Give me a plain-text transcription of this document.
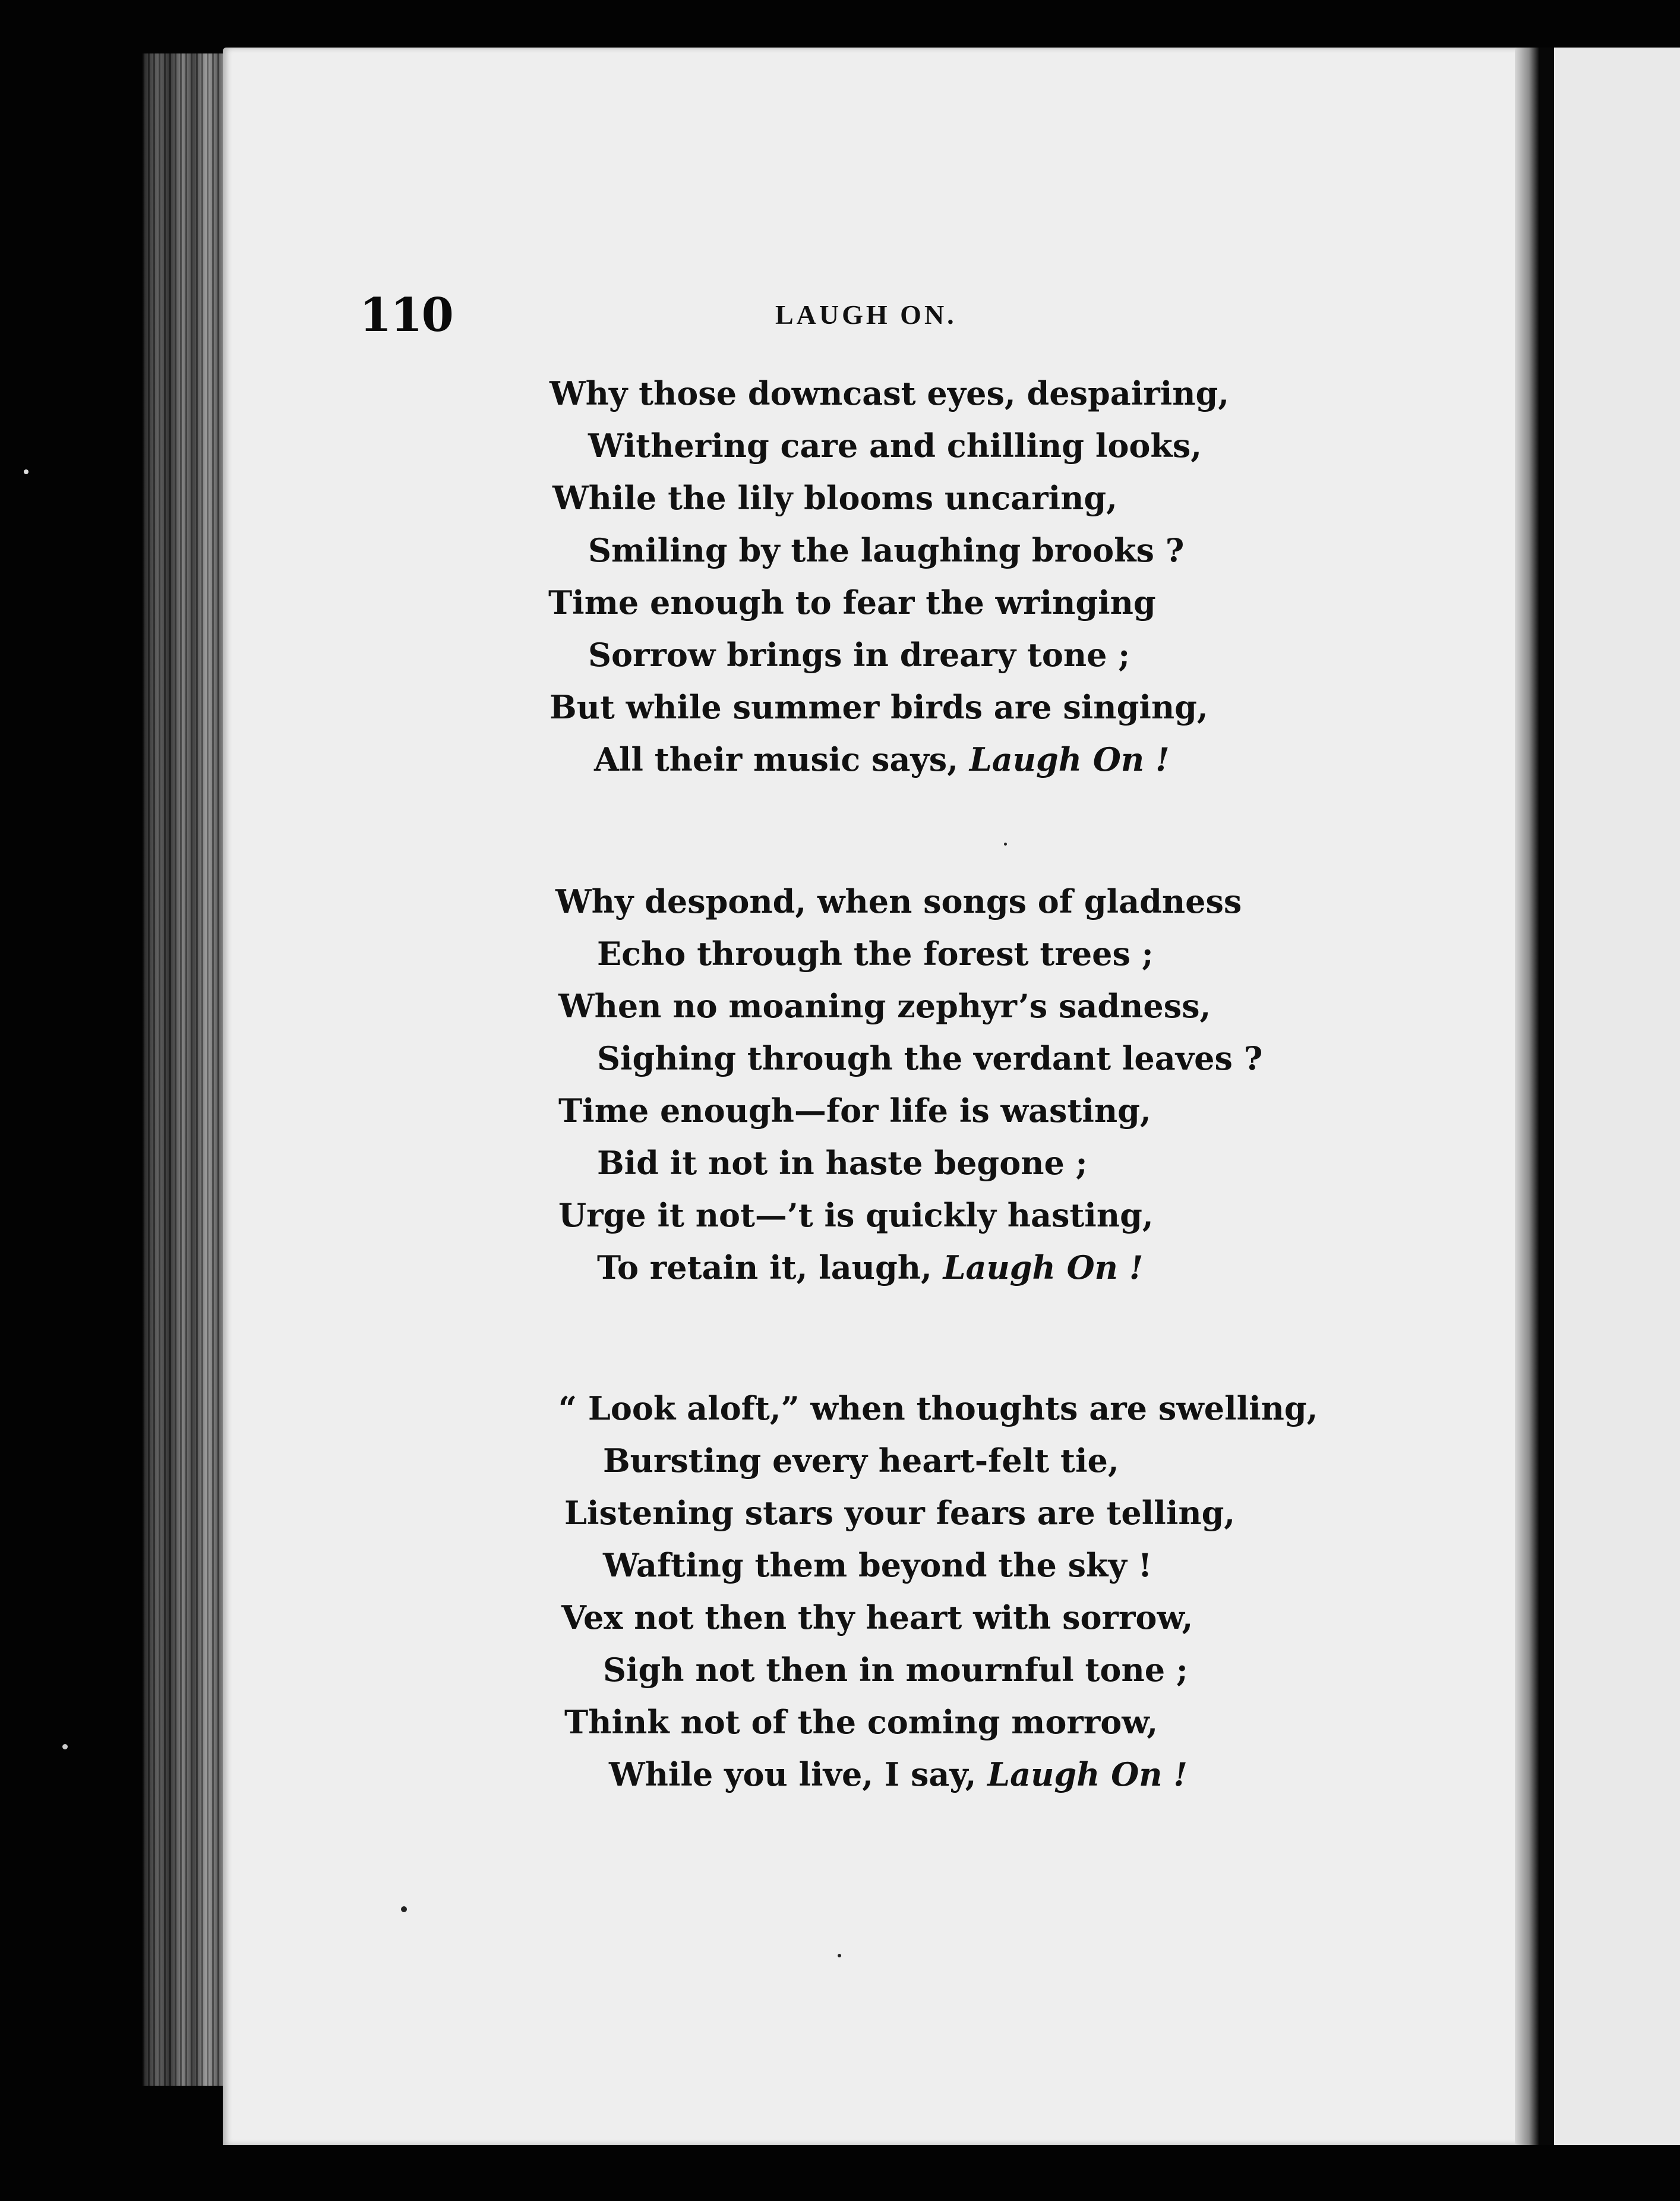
110	LAUGH ON.
Why those downcast eyes, despairing,
Withering care and chilling looks,
While the lily blooms uncaring,
Smiling by the laughing brooks ?
Time enough to fear the wringing
Sorrow brings in dreary tone ;
But while summer birds are singing,
All their music says, Laugh On !
Why despond, when songs of gladness
Echo through the forest trees ;
When no moaning zephyr’s sadness,
Sighing through the verdant leaves ?
Time enough—for life is wasting,
Bid it not in haste begone ;
Urge it not—’t is quickly hasting,
To retain it, laugh, Laugh On !
“ Look aloft,” when thoughts are swelling,
Bursting every heart-felt tie,
Listening stars your fears are telling,
Wafting them beyond the sky !
Vex not then thy heart with sorrow,
Sigh not then in mournful tone ;
Think not of the coming morrow,
While you live, I say, Laugh On !
